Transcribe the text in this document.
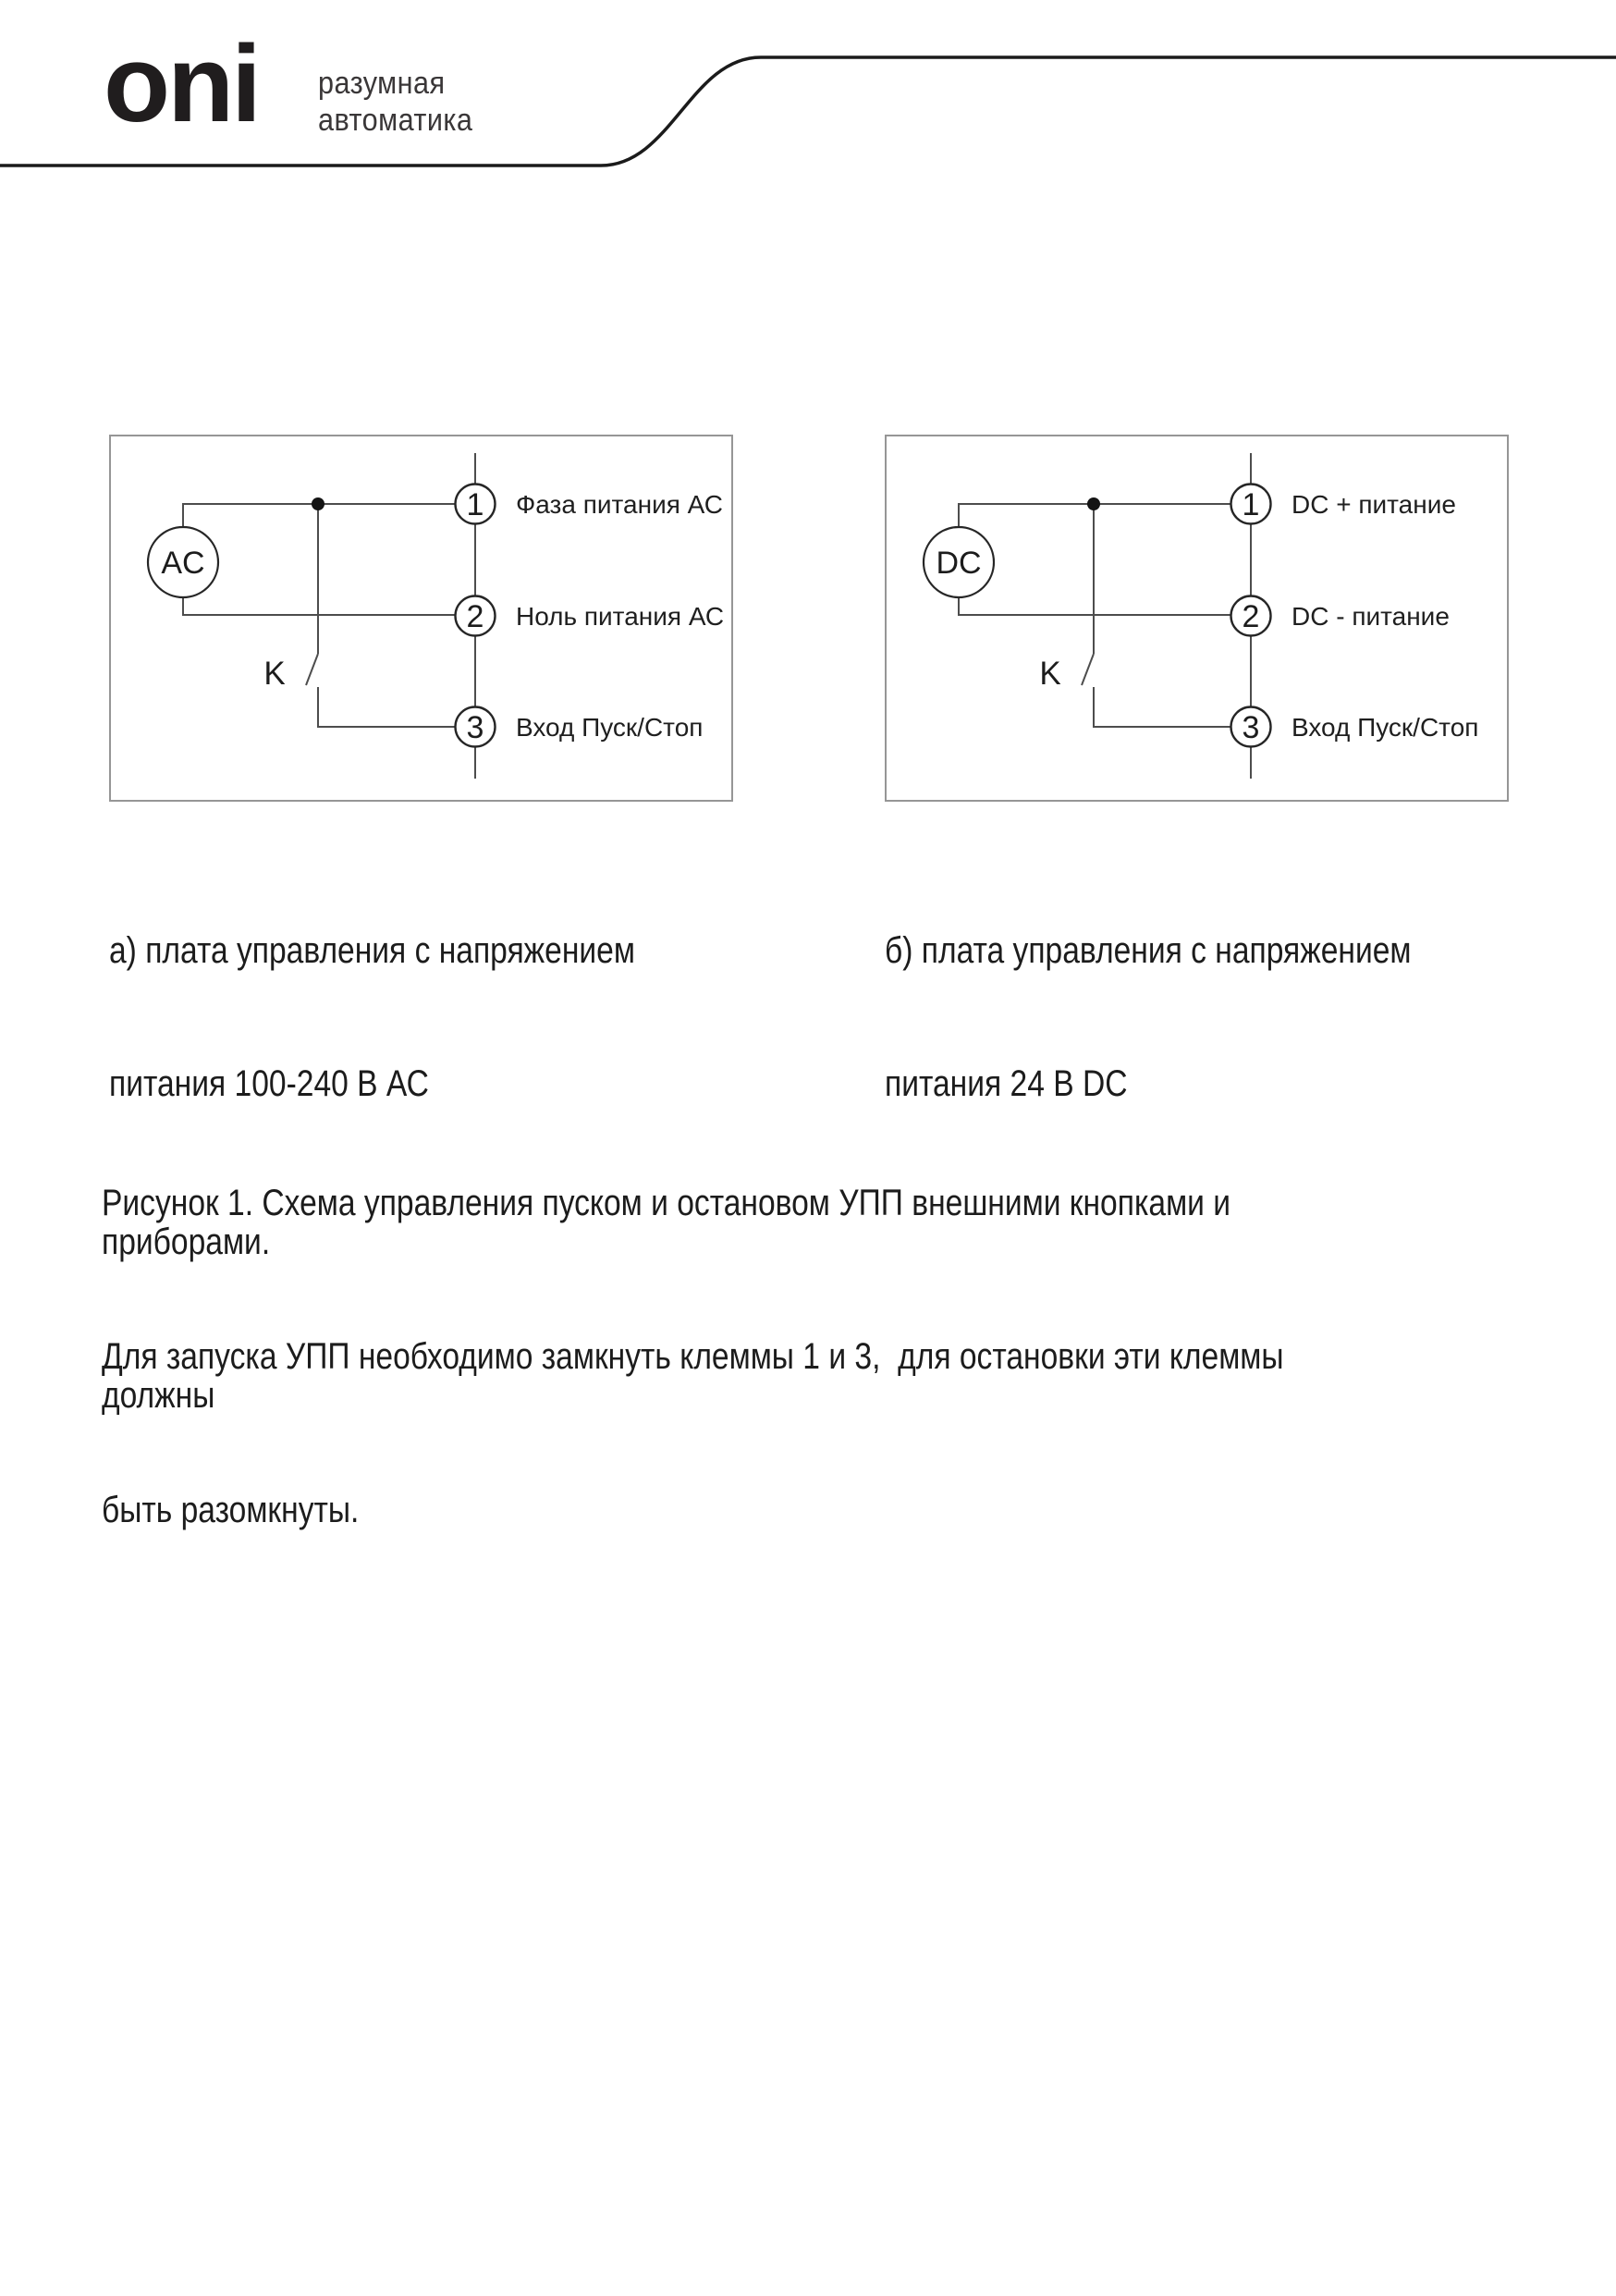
oni разумная
автоматика
AC
K
1
2
3
Фаза питания АС
Ноль питания АС
Вход Пуск/Стоп
DC
K
1
2
3
DC + питание
DC - питание
Вход Пуск/Стоп

а) плата управления с напряжением

питания 100-240 В АС

б) плата управления с напряжением

питания 24 В DC

Рисунок 1. Схема управления пуском и остановом УПП внешними кнопками и приборами.

Для запуска УПП необходимо замкнуть клеммы 1 и 3,  для остановки эти клеммы должны

быть разомкнуты.
